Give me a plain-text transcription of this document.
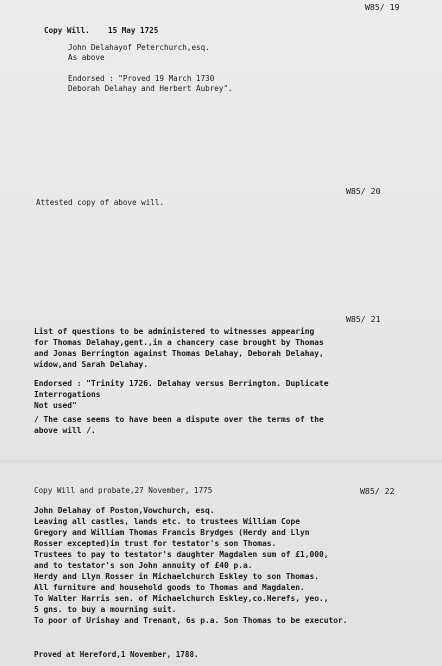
W85/ 19
Copy Will. 15 May 1725
John Delahayof Peterchurch,esq.
As above
Endorsed : "Proved 19 March 1730
Deborah Delahay and Herbert Aubrey".
W85/ 20
Attested copy of above will.
W85/ 21
List of questions to be administered to witnesses appearing
for Thomas Delahay,gent.,in a chancery case brought by Thomas
and Jonas Berrington against Thomas Delahay, Deborah Delahay,
widow,and Sarah Delahay.
Endorsed : "Trinity 1726. Delahay versus Berrington. Duplicate
Interrogations
Not used"
/ The case seems to have been a dispute over the terms of the
above will /.
Copy Will and probate,27 November, 1775	W85/ 22
John Delahay of Poston,Vowchurch, esq.
Leaving all castles, lands etc. to trustees William Cope
Gregory and William Thomas Francis Brydges (Herdy and Llyn
Rosser excepted)in trust for testator's son Thomas.
Trustees to pay to testator's daughter Magdalen sum of £1,000,
and to testator's son John annuity of £40 p.a.
Herdy and Llyn Rosser in Michaelchurch Eskley to son Thomas.
All furniture and household goods to Thomas and Magdalen.
To Walter Harris sen. of Michaelchurch Eskley,co.Herefs, yeo.,
5 gns. to buy a mourning suit.
To poor of Urishay and Trenant, 6s p.a. Son Thomas to be executor.
Proved at Hereford,1 November, 1788.
